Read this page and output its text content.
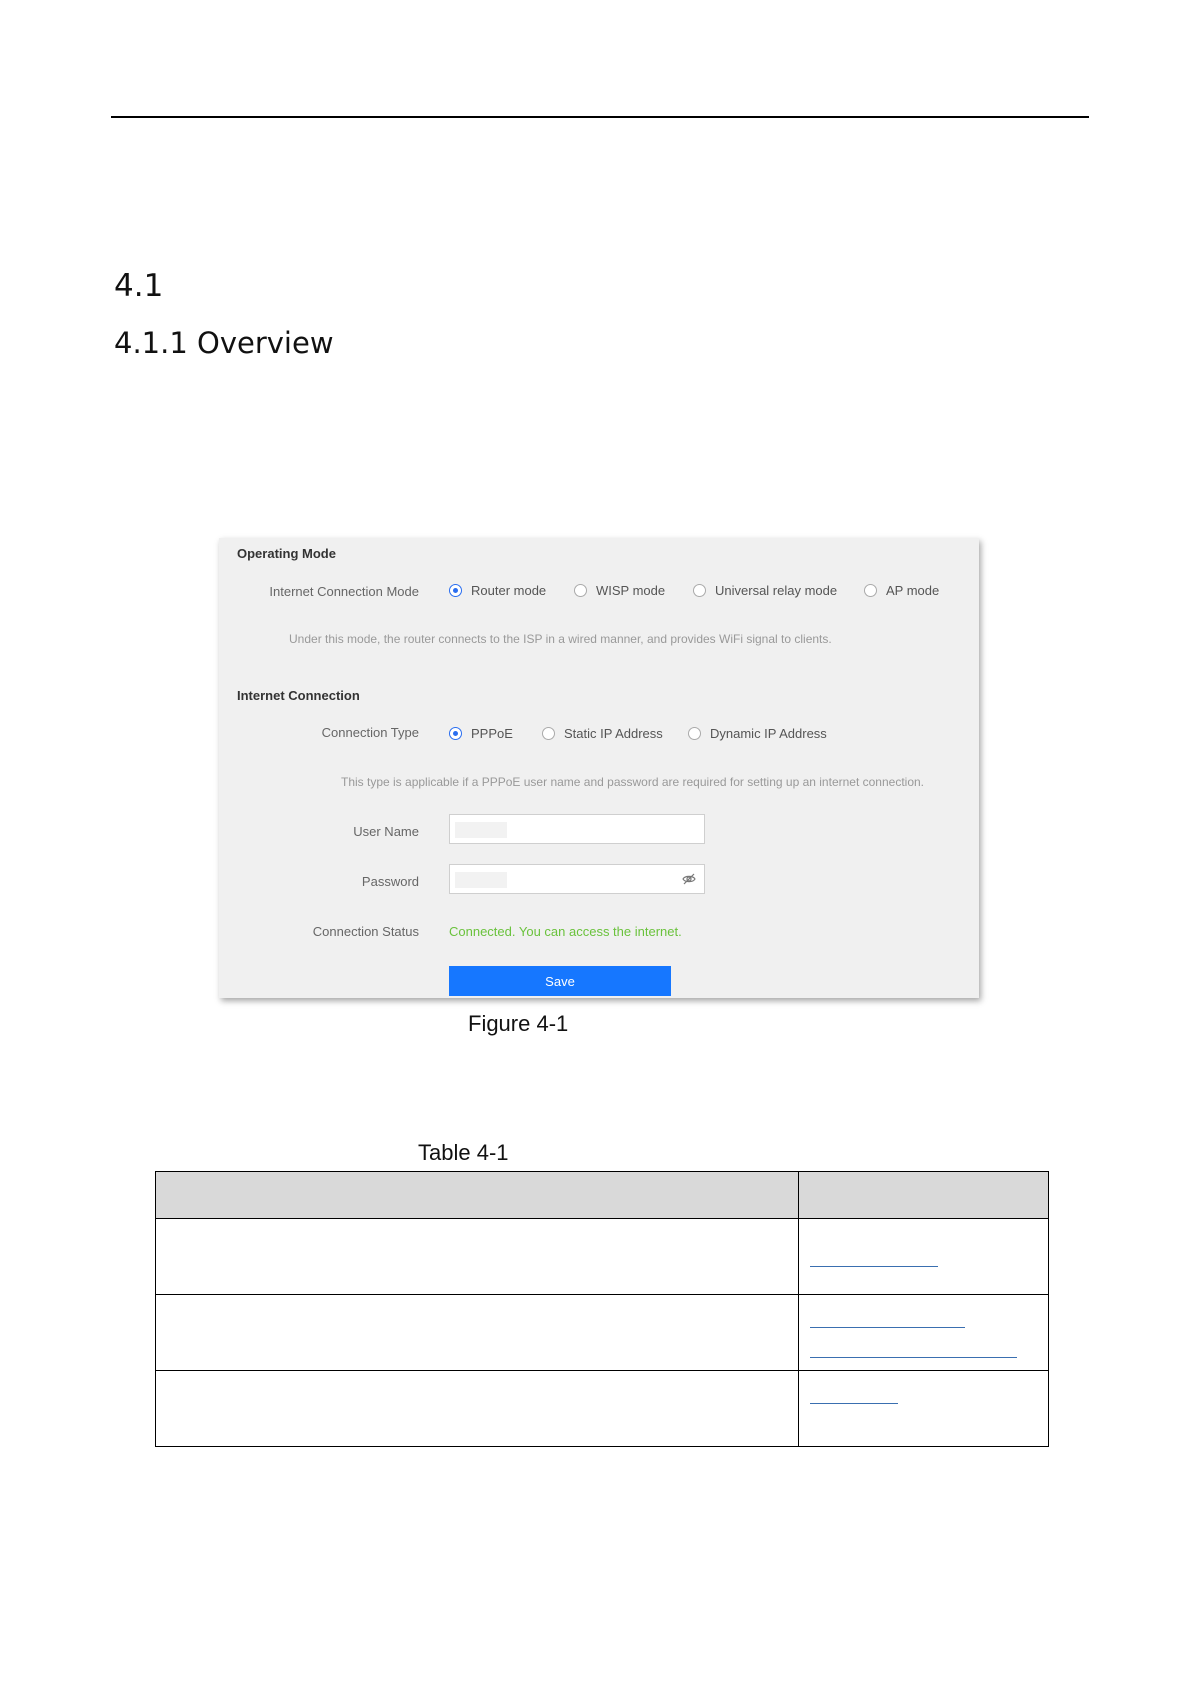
4.1
4.1.1 Overview
Operating Mode
Internet Connection Mode	Router mode	WISP mode	Universal relay mode	AP mode
Under this mode, the router connects to the ISP in a wired manner, and provides WiFi signal to clients.
Internet Connection
Connection Type	PPPoE	Static IP Address	Dynamic IP Address
This type is applicable if a PPPoE user name and password are required for setting up an internet connection.
User Name
Password
Connection Status Connected. You can access the internet.
Save
Figure 4-1
Table 4-1
